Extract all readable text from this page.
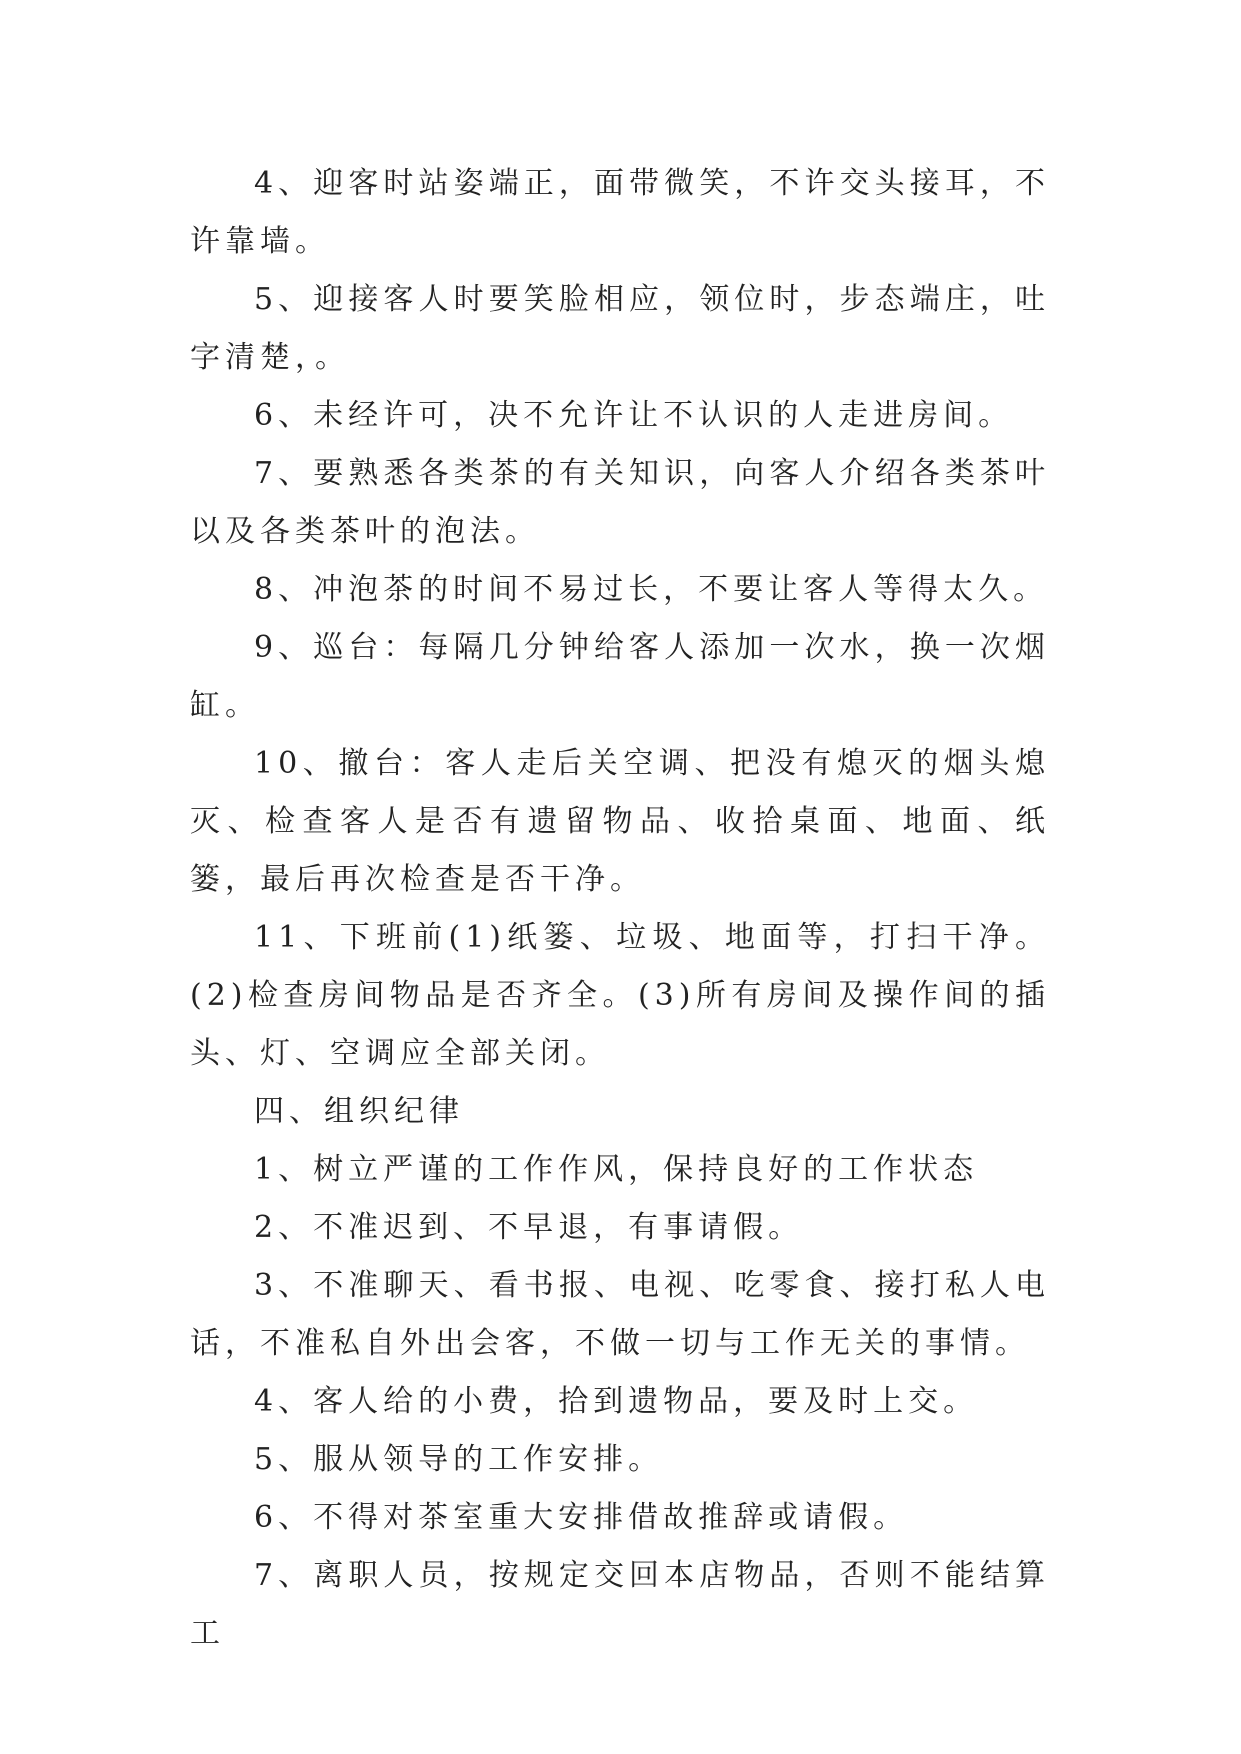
4、迎客时站姿端正，面带微笑，不许交头接耳，不许靠墙。

5、迎接客人时要笑脸相应，领位时，步态端庄，吐字清楚，。

6、未经许可，决不允许让不认识的人走进房间。

7、要熟悉各类茶的有关知识，向客人介绍各类茶叶以及各类茶叶的泡法。

8、冲泡茶的时间不易过长，不要让客人等得太久。

9、巡台：每隔几分钟给客人添加一次水，换一次烟缸。

10、撤台：客人走后关空调、把没有熄灭的烟头熄灭、检查客人是否有遗留物品、收拾桌面、地面、纸篓，最后再次检查是否干净。

11、下班前(1)纸篓、垃圾、地面等，打扫干净。(2)检查房间物品是否齐全。(3)所有房间及操作间的插头、灯、空调应全部关闭。

四、组织纪律

1、树立严谨的工作作风，保持良好的工作状态

2、不准迟到、不早退，有事请假。

3、不准聊天、看书报、电视、吃零食、接打私人电话，不准私自外出会客，不做一切与工作无关的事情。

4、客人给的小费，拾到遗物品，要及时上交。

5、服从领导的工作安排。

6、不得对茶室重大安排借故推辞或请假。

7、离职人员，按规定交回本店物品，否则不能结算工
